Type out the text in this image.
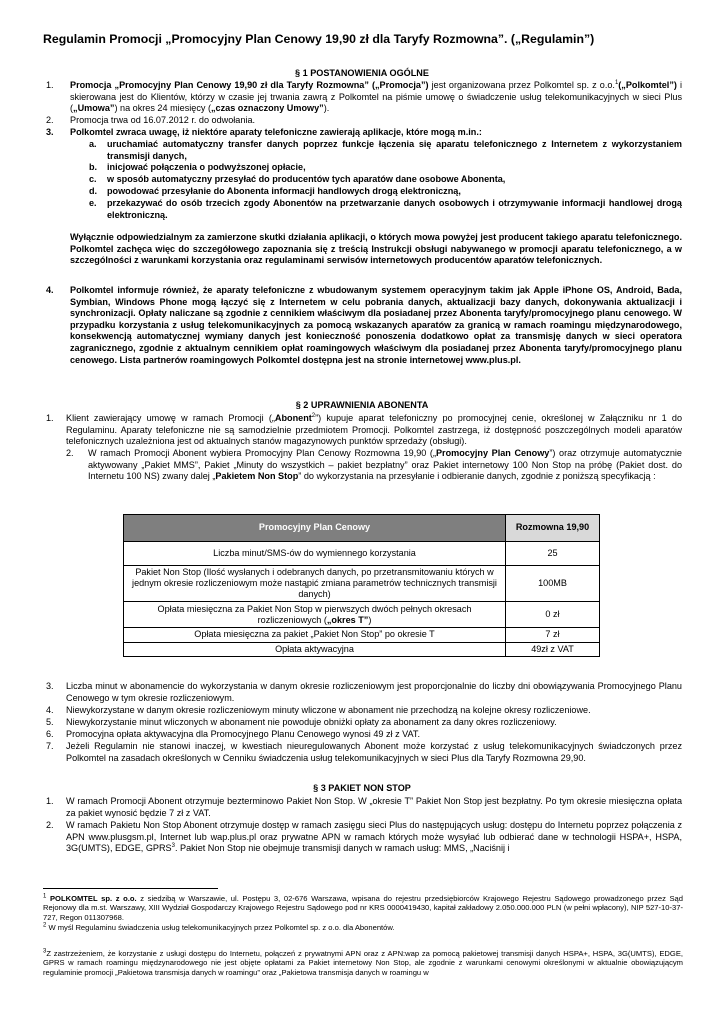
Regulamin Promocji „Promocyjny Plan Cenowy 19,90 zł dla Taryfy Rozmowna”. („Regulamin”)
§ 1 POSTANOWIENIA OGÓLNE
1. Promocja „Promocyjny Plan Cenowy 19,90 zł dla Taryfy Rozmowna” („Promocja”) jest organizowana przez Polkomtel sp. z o.o.$^1$(„Polkomtel”) i skierowana jest do Klientów, którzy w czasie jej trwania zawrą z Polkomtel na piśmie umowę o świadczenie usług telekomunikacyjnych w sieci Plus („Umowa”) na okres 24 miesięcy („czas oznaczony Umowy”).
2. Promocja trwa od 16.07.2012 r. do odwołania.
3. Polkomtel zwraca uwagę, iż niektóre aparaty telefoniczne zawierają aplikacje, które mogą m.in.:
a. uruchamiać automatyczny transfer danych poprzez funkcje łączenia się aparatu telefonicznego z Internetem z wykorzystaniem transmisji danych,
b. inicjować połączenia o podwyższonej opłacie,
c. w sposób automatyczny przesyłać do producentów tych aparatów dane osobowe Abonenta,
d. powodować przesyłanie do Abonenta informacji handlowych drogą elektroniczną,
e. przekazywać do osób trzecich zgody Abonentów na przetwarzanie danych osobowych i otrzymywanie informacji handlowej drogą elektroniczną.
Wyłącznie odpowiedzialnym za zamierzone skutki działania aplikacji, o których mowa powyżej jest producent takiego aparatu telefonicznego. Polkomtel zachęca więc do szczegółowego zapoznania się z treścią Instrukcji obsługi nabywanego w promocji aparatu telefonicznego, a w szczególności z warunkami korzystania oraz regulaminami serwisów internetowych producentów aparatów telefonicznych.
4. Polkomtel informuje również, że aparaty telefoniczne z wbudowanym systemem operacyjnym takim jak Apple iPhone OS, Android, Bada, Symbian, Windows Phone mogą łączyć się z Internetem w celu pobrania danych, aktualizacji bazy danych, dokonywania aktualizacji i synchronizacji. Opłaty naliczane są zgodnie z cennikiem właściwym dla posiadanej przez Abonenta taryfy/promocyjnego planu cenowego. W przypadku korzystania z usług telekomunikacyjnych za pomocą wskazanych aparatów za granicą w ramach roamingu międzynarodowego, konsekwencją automatycznej wymiany danych jest konieczność ponoszenia dodatkowo opłat za transmisję danych w sieci operatora zagranicznego, zgodnie z aktualnym cennikiem opłat roamingowych właściwym dla posiadanej przez Abonenta taryfy/promocyjnego planu cenowego. Lista partnerów roamingowych Polkomtel dostępna jest na stronie internetowej www.plus.pl.
§ 2 UPRAWNIENIA ABONENTA
1. Klient zawierający umowę w ramach Promocji („Abonent$^2$”) kupuje aparat telefoniczny po promocyjnej cenie, określonej w Załączniku nr 1 do Regulaminu. Aparaty telefoniczne nie są samodzielnie przedmiotem Promocji. Polkomtel zastrzega, iż dostępność poszczególnych modeli aparatów telefonicznych uzależniona jest od aktualnych stanów magazynowych punktów sprzedaży (obsługi).
2. W ramach Promocji Abonent wybiera Promocyjny Plan Cenowy Rozmowna 19,90 („Promocyjny Plan Cenowy”) oraz otrzymuje automatycznie aktywowany „Pakiet MMS”, Pakiet „Minuty do wszystkich – pakiet bezpłatny” oraz Pakiet internetowy 100 Non Stop na próbę (Pakiet dost. do Internetu 100 NS) zwany dalej „Pakietem Non Stop” do wykorzystania na przesyłanie i odbieranie danych, zgodnie z poniższą specyfikacją :
Promocyjny Plan Cenowy	Rozmowna 19,90
Liczba minut/SMS-ów do wymiennego korzystania	25
Pakiet Non Stop (Ilość wysłanych i odebranych danych, po przetransmitowaniu których w jednym okresie rozliczeniowym może nastąpić zmiana parametrów technicznych transmisji danych)	100MB
Opłata miesięczna za Pakiet Non Stop w pierwszych dwóch pełnych okresach rozliczeniowych („okres T”)	0 zł
Opłata miesięczna za pakiet „Pakiet Non Stop” po okresie T	7 zł
Opłata aktywacyjna	49zł z VAT
3. Liczba minut w abonamencie do wykorzystania w danym okresie rozliczeniowym jest proporcjonalnie do liczby dni obowiązywania Promocyjnego Planu Cenowego w tym okresie rozliczeniowym.
4. Niewykorzystane w danym okresie rozliczeniowym minuty wliczone w abonament nie przechodzą na kolejne okresy rozliczeniowe.
5. Niewykorzystanie minut wliczonych w abonament nie powoduje obniżki opłaty za abonament za dany okres rozliczeniowy.
6. Promocyjna opłata aktywacyjna dla Promocyjnego Planu Cenowego wynosi 49 zł z VAT.
7. Jeżeli Regulamin nie stanowi inaczej, w kwestiach nieuregulowanych Abonent może korzystać z usług telekomunikacyjnych świadczonych przez Polkomtel na zasadach określonych w Cenniku świadczenia usług telekomunikacyjnych w sieci Plus dla Taryfy Rozmowna 29,90.
§ 3 PAKIET NON STOP
1. W ramach Promocji Abonent otrzymuje bezterminowo Pakiet Non Stop. W „okresie T” Pakiet Non Stop jest bezpłatny. Po tym okresie miesięczna opłata za pakiet wynosić będzie 7 zł z VAT.
2. W ramach Pakietu Non Stop Abonent otrzymuje dostęp w ramach zasięgu sieci Plus do następujących usług: dostępu do Internetu poprzez połączenia z APN www.plusgsm.pl, Internet lub wap.plus.pl oraz prywatne APN w ramach których może wysyłać lub odbierać dane w technologii HSPA+, HSPA, 3G(UMTS), EDGE, GPRS$^3$. Pakiet Non Stop nie obejmuje transmisji danych w ramach usług: MMS, „Naciśnij i
$^1$ POLKOMTEL sp. z o.o. z siedzibą w Warszawie, ul. Postępu 3, 02-676 Warszawa, wpisana do rejestru przedsiębiorców Krajowego Rejestru Sądowego prowadzonego przez Sąd Rejonowy dla m.st. Warszawy, XIII Wydział Gospodarczy Krajowego Rejestru Sądowego pod nr KRS 0000419430, kapitał zakładowy 2.050.000.000 PLN (w pełni wpłacony), NIP 527-10-37-727, Regon 011307968.
$^2$ W myśl Regulaminu świadczenia usług telekomunikacyjnych przez Polkomtel sp. z o.o. dla Abonentów.
$^3$Z zastrzeżeniem, że korzystanie z usługi dostępu do Internetu, połączeń z prywatnymi APN oraz z APN:wap za pomocą pakietowej transmisji danych HSPA+, HSPA, 3G(UMTS), EDGE, GPRS w ramach roamingu międzynarodowego nie jest objęte opłatami za Pakiet internetowy Non Stop, ale zgodnie z warunkami cenowymi określonymi w aktualnie obowiązującym regulaminie promocji „Pakietowa transmisja danych w roamingu” oraz „Pakietowa transmisja danych w roamingu w
